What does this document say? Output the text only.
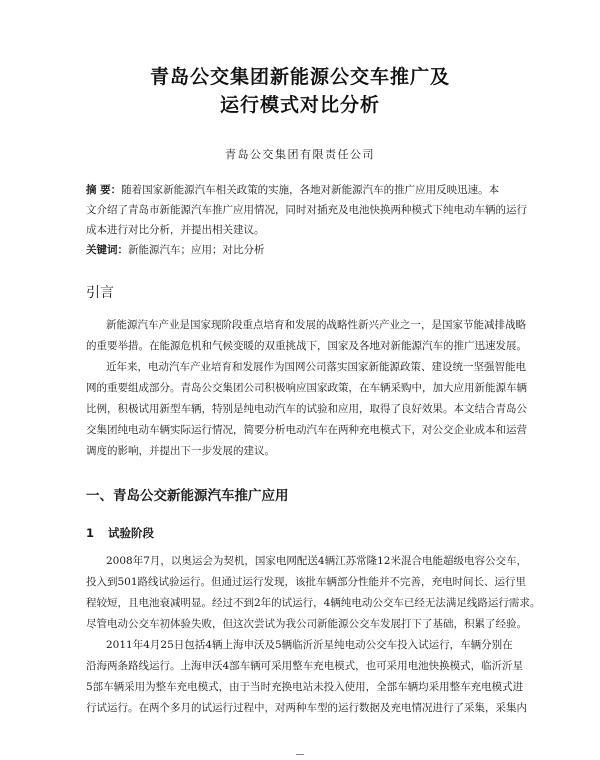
青岛公交集团新能源公交车推广及
运行模式对比分析
青岛公交集团有限责任公司

摘 要：随着国家新能源汽车相关政策的实施，各地对新能源汽车的推广应用反映迅速。本

文介绍了青岛市新能源汽车推广应用情况，同时对插充及电池快换两种模式下纯电动车辆的运行

成本进行对比分析，并提出相关建议。

关键词：新能源汽车；应用；对比分析

引言

新能源汽车产业是国家现阶段重点培育和发展的战略性新兴产业之一，是国家节能减排战略

的重要举措。在能源危机和气候变暖的双重挑战下，国家及各地对新能源汽车的推广迅速发展。

近年来，电动汽车产业培育和发展作为国网公司落实国家新能源政策、建设统一坚强智能电

网的重要组成部分。青岛公交集团公司积极响应国家政策，在车辆采购中，加大应用新能源车辆

比例，积极试用新型车辆，特别是纯电动汽车的试验和应用，取得了良好效果。本文结合青岛公

交集团纯电动车辆实际运行情况，简要分析电动汽车在两种充电模式下，对公交企业成本和运营

调度的影响，并提出下一步发展的建议。

一、青岛公交新能源汽车推广应用
1 试验阶段

2008年7月，以奥运会为契机，国家电网配送4辆江苏常隆12米混合电能超级电容公交车，

投入到501路线试验运行。但通过运行发现，该批车辆部分性能并不完善，充电时间长、运行里

程较短，且电池衰减明显。经过不到2年的试运行，4辆纯电动公交车已经无法满足线路运行需求。

尽管电动公交车初体验失败，但这次尝试为我公司新能源公交车发展打下了基础，积累了经验。

2011年4月25日包括4辆上海申沃及5辆临沂沂星纯电动公交车投入试运行，车辆分别在

沿海两条路线运行。上海申沃4部车辆可采用整车充电模式，也可采用电池快换模式，临沂沂星

5部车辆采用为整车充电模式，由于当时充换电站未投入使用，全部车辆均采用整车充电模式进

行试运行。在两个多月的试运行过程中，对两种车型的运行数据及充电情况进行了采集，采集内

—
